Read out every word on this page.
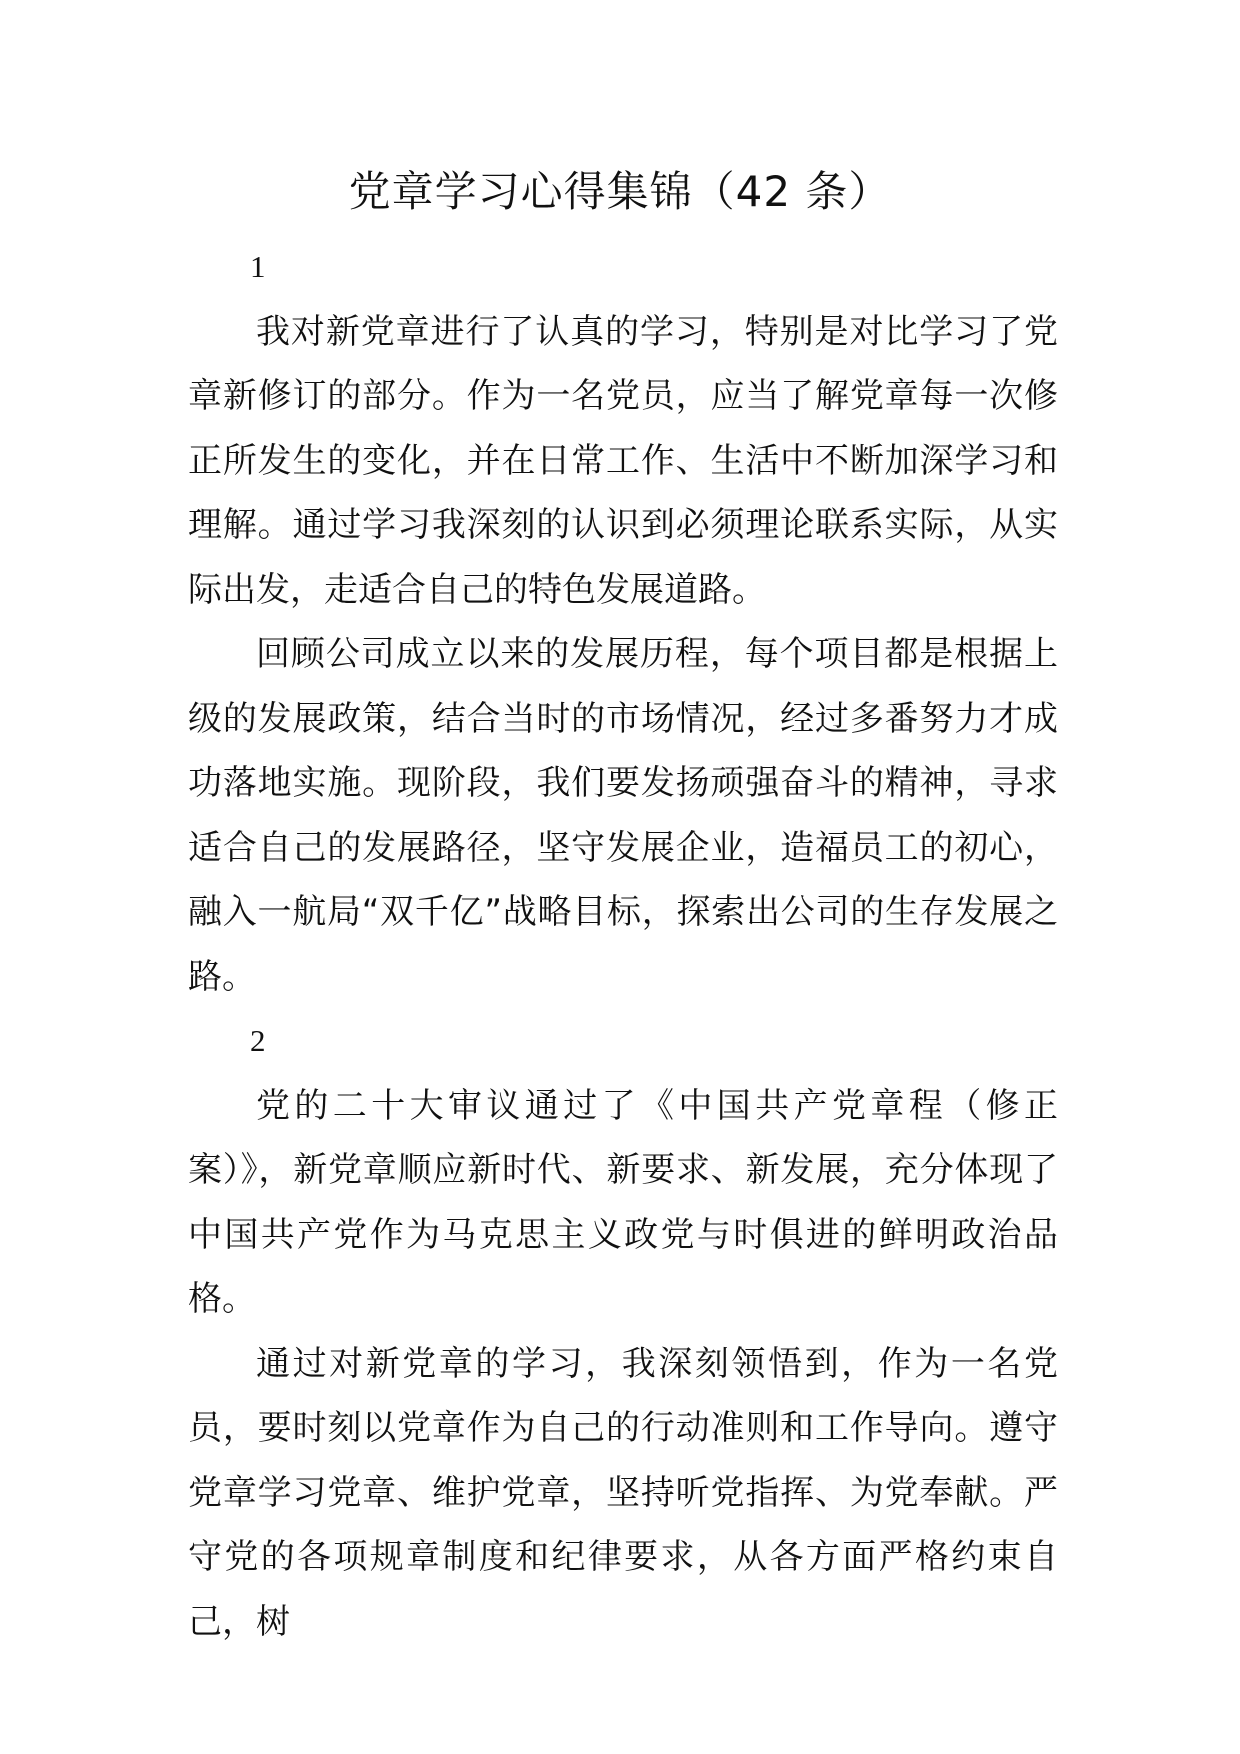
党章学习心得集锦（42 条）

1

我对新党章进行了认真的学习，特别是对比学习了党章新修订的部分。作为一名党员，应当了解党章每一次修正所发生的变化，并在日常工作、生活中不断加深学习和理解。通过学习我深刻的认识到必须理论联系实际，从实际出发，走适合自己的特色发展道路。

回顾公司成立以来的发展历程，每个项目都是根据上级的发展政策，结合当时的市场情况，经过多番努力才成功落地实施。现阶段，我们要发扬顽强奋斗的精神，寻求适合自己的发展路径，坚守发展企业，造福员工的初心，融入一航局“双千亿”战略目标，探索出公司的生存发展之路。

2

党的二十大审议通过了《中国共产党章程（修正案）》，新党章顺应新时代、新要求、新发展，充分体现了中国共产党作为马克思主义政党与时俱进的鲜明政治品格。

通过对新党章的学习，我深刻领悟到，作为一名党员，要时刻以党章作为自己的行动准则和工作导向。遵守党章学习党章、维护党章，坚持听党指挥、为党奉献。严守党的各项规章制度和纪律要求，从各方面严格约束自己，树
